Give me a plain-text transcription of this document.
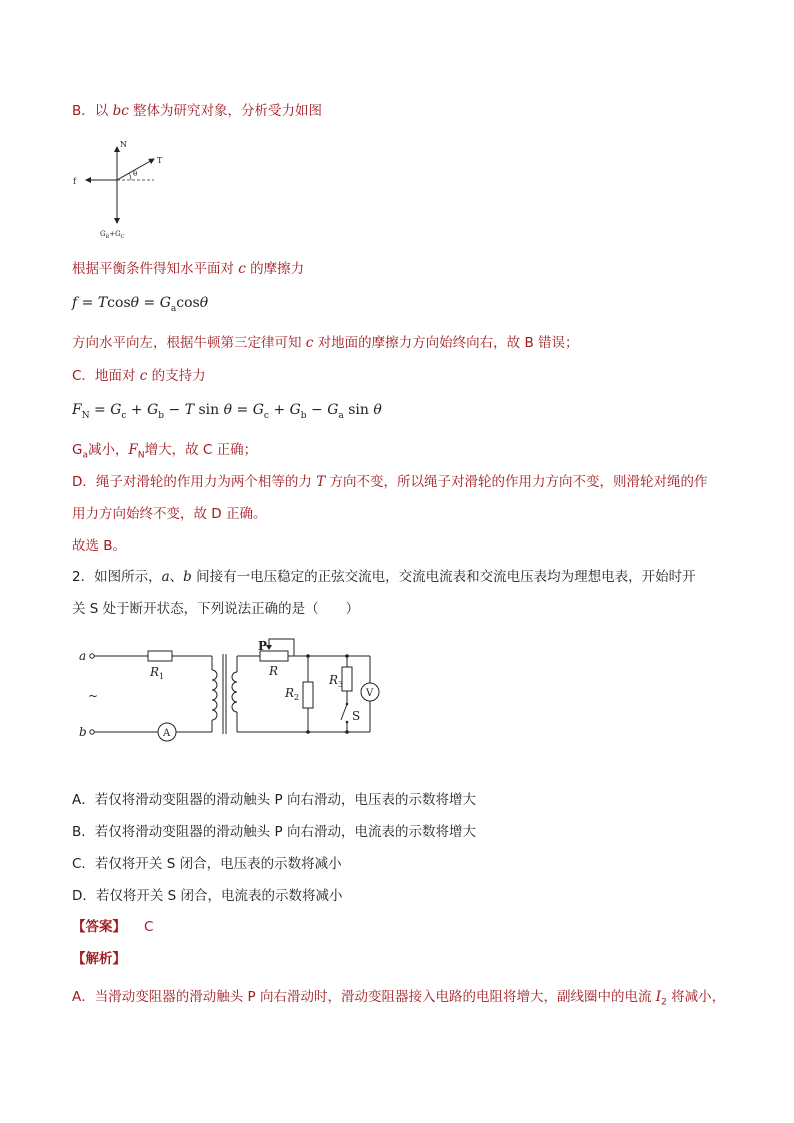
B．以 bc 整体为研究对象，分析受力如图
N
T
f
θ
$G_B+G_C$
根据平衡条件得知水平面对 c 的摩擦力
$f = Tcos\theta = G_a\cos\theta$
方向水平向左，根据牛顿第三定律可知 c 对地面的摩擦力方向始终向右，故 B 错误；
C．地面对 c 的支持力
$F_N = G_c + G_b - T$ $\sin \theta = G_c + G_b - G_a$ sin θ
$G_a$减小，$F_N$增大，故 C 正确；
D．绳子对滑轮的作用力为两个相等的力 T 方向不变，所以绳子对滑轮的作用力方向不变，则滑轮对绳的作
用力方向始终不变，故 D 正确。
故选 B。
2．如图所示，a、b 间接有一电压稳定的正弦交流电，交流电流表和交流电压表均为理想电表，开始时开
关 S 处于断开状态，下列说法正确的是（　　）
a
b
~
$R_1$
A
P
R
$R_2$
$R_3$
S
V
A．若仅将滑动变阻器的滑动触头 P 向右滑动，电压表的示数将增大
B．若仅将滑动变阻器的滑动触头 P 向右滑动，电流表的示数将增大
C．若仅将开关 S 闭合，电压表的示数将减小
D．若仅将开关 S 闭合，电流表的示数将减小
【答案】 C
【解析】
A．当滑动变阻器的滑动触头 P 向右滑动时，滑动变阻器接入电路的电阻将增大，副线圈中的电流 $I_2$ 将减小，
